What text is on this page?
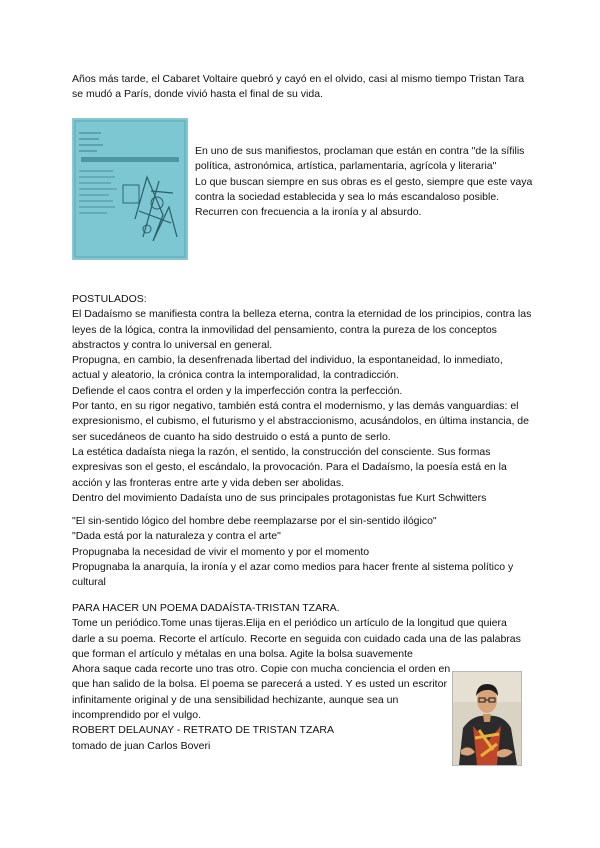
Años más tarde, el Cabaret Voltaire quebró y cayó en el olvido, casi al mismo tiempo Tristan Tara se mudó a París, donde vivió hasta el final de su vida.

En uno de sus manifiestos, proclaman que están en contra "de la sífilis política, astronómica, artística, parlamentaria, agrícola y literaria"

Lo que buscan siempre en sus obras es el gesto, siempre que este vaya contra la sociedad establecida y sea lo más escandaloso posible. Recurren con frecuencia a la ironía y al absurdo.

POSTULADOS:

El Dadaísmo se manifiesta contra la belleza eterna, contra la eternidad de los principios, contra las leyes de la lógica, contra la inmovilidad del pensamiento, contra la pureza de los conceptos abstractos y contra lo universal en general.

Propugna, en cambio, la desenfrenada libertad del individuo, la espontaneidad, lo inmediato, actual y aleatorio, la crónica contra la intemporalidad, la contradicción.

Defiende el caos contra el orden y la imperfección contra la perfección.

Por tanto, en su rigor negativo, también está contra el modernismo, y las demás vanguardias: el expresionismo, el cubismo, el futurismo y el abstraccionismo, acusándolos, en última instancia, de ser sucedáneos de cuanto ha sido destruido o está a punto de serlo.

La estética dadaísta niega la razón, el sentido, la construcción del consciente. Sus formas expresivas son el gesto, el escándalo, la provocación. Para el Dadaísmo, la poesía está en la acción y las fronteras entre arte y vida deben ser abolidas.

Dentro del movimiento Dadaísta uno de sus principales protagonistas fue Kurt Schwitters

"El sin-sentido lógico del hombre debe reemplazarse por el sin-sentido ilógico"

"Dada está por la naturaleza y contra el arte"

Propugnaba la necesidad de vivir el momento y por el momento

Propugnaba la anarquía, la ironía y el azar como medios para hacer frente al sistema político y cultural

PARA HACER UN POEMA DADAÍSTA-TRISTAN TZARA.

Tome un periódico.Tome unas tijeras.Elija en el periódico un artículo de la longitud que quiera darle a su poema. Recorte el artículo. Recorte en seguida con cuidado cada una de las palabras que forman el artículo y métalas en una bolsa. Agite la bolsa suavemente

Ahora saque cada recorte uno tras otro. Copie con mucha conciencia el orden en que han salido de la bolsa. El poema se parecerá a usted. Y es usted un escritor infinitamente original y de una sensibilidad hechizante, aunque sea un incomprendido por el vulgo.

ROBERT DELAUNAY - RETRATO DE TRISTAN TZARA

tomado de juan Carlos Boveri
